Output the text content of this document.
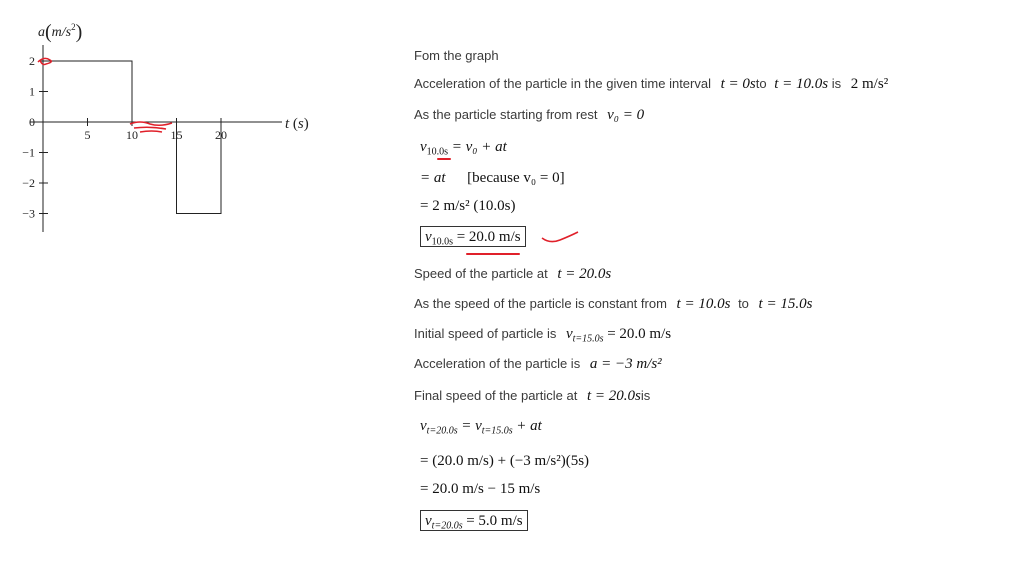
2
1
0
−1
−2
−3
5	10	15	20
$a(m/s^2)$
t (s)
Fom the graph
Acceleration of the particle in the given time interval t = 0sto t = 10.0s is 2 m/s²
As the particle starting from rest v₀ = 0
$v_{10.0s} = v_0$ + at
= at [because v₀ = 0]
= 2 m/s² (10.0s)
$v_{10.0s} = 20.0$ m/s
Speed of the particle at t = 20.0s
As the speed of the particle is constant from t = 10.0s to t = 15.0s
Initial speed of particle is $v_{t=15.0s} = 20.0$ m/s
Acceleration of the particle is a = −3 m/s²
Final speed of the particle at t = 20.0sis
$v_{t=20.0s} = v_{t=15.0s}$ + at
= (20.0 m/s) + (−3 m/s²)(5s)
= 20.0 m/s − 15 m/s
$v_{t=20.0s} = 5.0$ m/s
